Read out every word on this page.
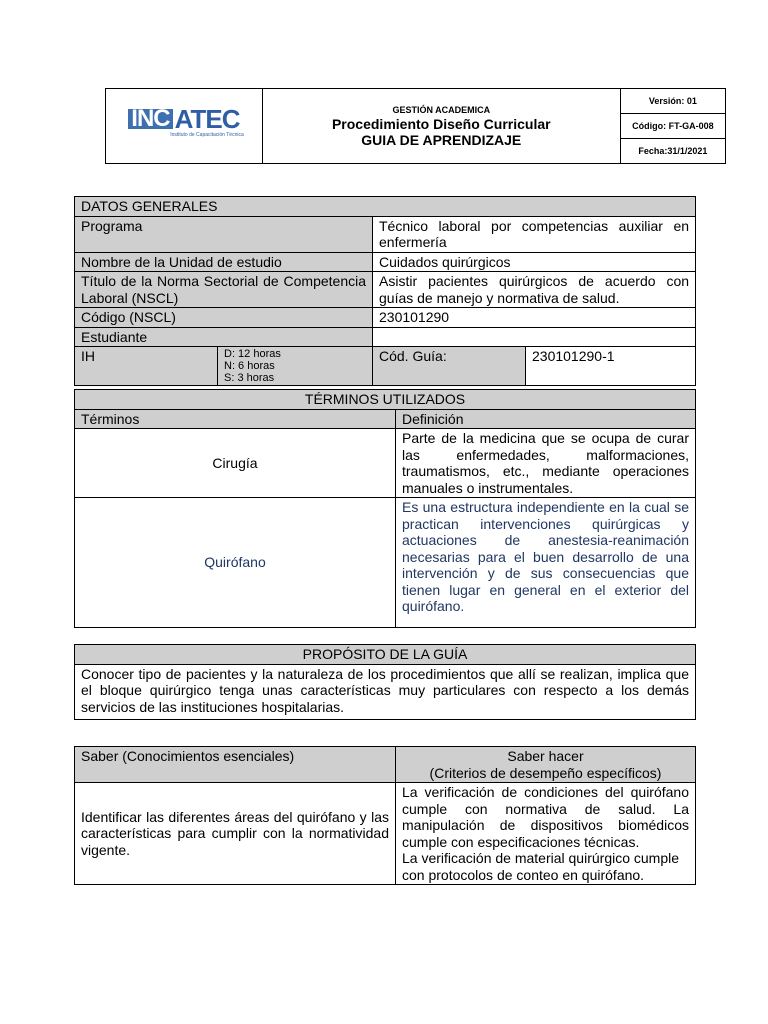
INC ATEC
Instituto de Capacitación Técnica

GESTIÓN ACADEMICA
Procedimiento Diseño Curricular
GUIA DE APRENDIZAJE
	Versión: 01
Código: FT-GA-008
Fecha:31/1/2021
DATOS GENERALES			
Programa		Técnico laboral por competencias auxiliar en enfermería	
Nombre de la Unidad de estudio		Cuidados quirúrgicos	
Título de la Norma Sectorial de Competencia Laboral (NSCL)		Asistir pacientes quirúrgicos de acuerdo con guías de manejo y normativa de salud.	
Código (NSCL)		230101290	
Estudiante			
IH	D: 12 horas
N: 6 horas
S: 3 horas	Cód. Guía:	230101290-1
TÉRMINOS UTILIZADOS	
Términos	Definición
Cirugía	Parte de la medicina que se ocupa de curar las enfermedades, malformaciones, traumatismos, etc., mediante operaciones manuales o instrumentales.
Quirófano	Es una estructura independiente en la cual se practican intervenciones quirúrgicas y actuaciones de anestesia-reanimación necesarias para el buen desarrollo de una intervención y de sus consecuencias que tienen lugar en general en el exterior del quirófano.
PROPÓSITO DE LA GUÍA
Conocer tipo de pacientes y la naturaleza de los procedimientos que allí se realizan, implica que el bloque quirúrgico tenga unas características muy particulares con respecto a los demás servicios de las instituciones hospitalarias.
Saber (Conocimientos esenciales)	Saber hacer
(Criterios de desempeño específicos)

Identificar las diferentes áreas del quirófano y las características para cumplir con la normatividad vigente.	La verificación de condiciones del quirófano cumple con normativa de salud. La manipulación de dispositivos biomédicos cumple con especificaciones técnicas.
La verificación de material quirúrgico cumple con protocolos de conteo en quirófano.
